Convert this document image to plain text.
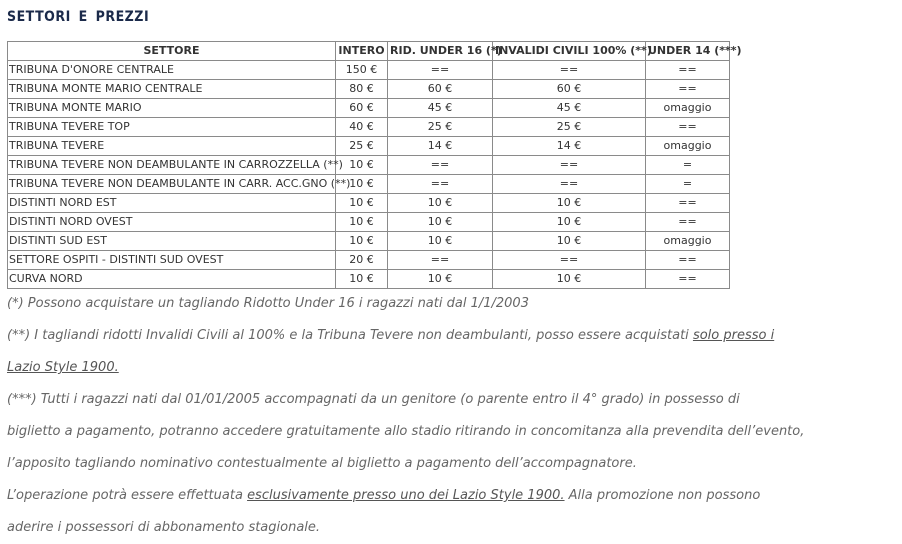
SETTORI E PREZZI
SETTORE	INTERO	RID. UNDER 16 (*)	INVALIDI CIVILI 100% (**)	UNDER 14 (***)
TRIBUNA D'ONORE CENTRALE	150 €	==	==	==
TRIBUNA MONTE MARIO CENTRALE	80 €	60 €	60 €	==
TRIBUNA MONTE MARIO	60 €	45 €	45 €	omaggio
TRIBUNA TEVERE TOP	40 €	25 €	25 €	==
TRIBUNA TEVERE	25 €	14 €	14 €	omaggio
TRIBUNA TEVERE NON DEAMBULANTE IN CARROZZELLA (**)	10 €	==	==	=
TRIBUNA TEVERE NON DEAMBULANTE IN CARR. ACC.GNO (**)	10 €	==	==	=
DISTINTI NORD EST	10 €	10 €	10 €	==
DISTINTI NORD OVEST	10 €	10 €	10 €	==
DISTINTI SUD EST	10 €	10 €	10 €	omaggio
SETTORE OSPITI - DISTINTI SUD OVEST	20 €	==	==	==
CURVA NORD	10 €	10 €	10 €	==

(*) Possono acquistare un tagliando Ridotto Under 16 i ragazzi nati dal 1/1/2003

(**) I tagliandi ridotti Invalidi Civili al 100% e la Tribuna Tevere non deambulanti, posso essere acquistati solo presso i

Lazio Style 1900.

(***) Tutti i ragazzi nati dal 01/01/2005 accompagnati da un genitore (o parente entro il 4° grado) in possesso di

biglietto a pagamento, potranno accedere gratuitamente allo stadio ritirando in concomitanza alla prevendita dell’evento,

l’apposito tagliando nominativo contestualmente al biglietto a pagamento dell’accompagnatore.

L’operazione potrà essere effettuata esclusivamente presso uno dei Lazio Style 1900. Alla promozione non possono

aderire i possessori di abbonamento stagionale.
